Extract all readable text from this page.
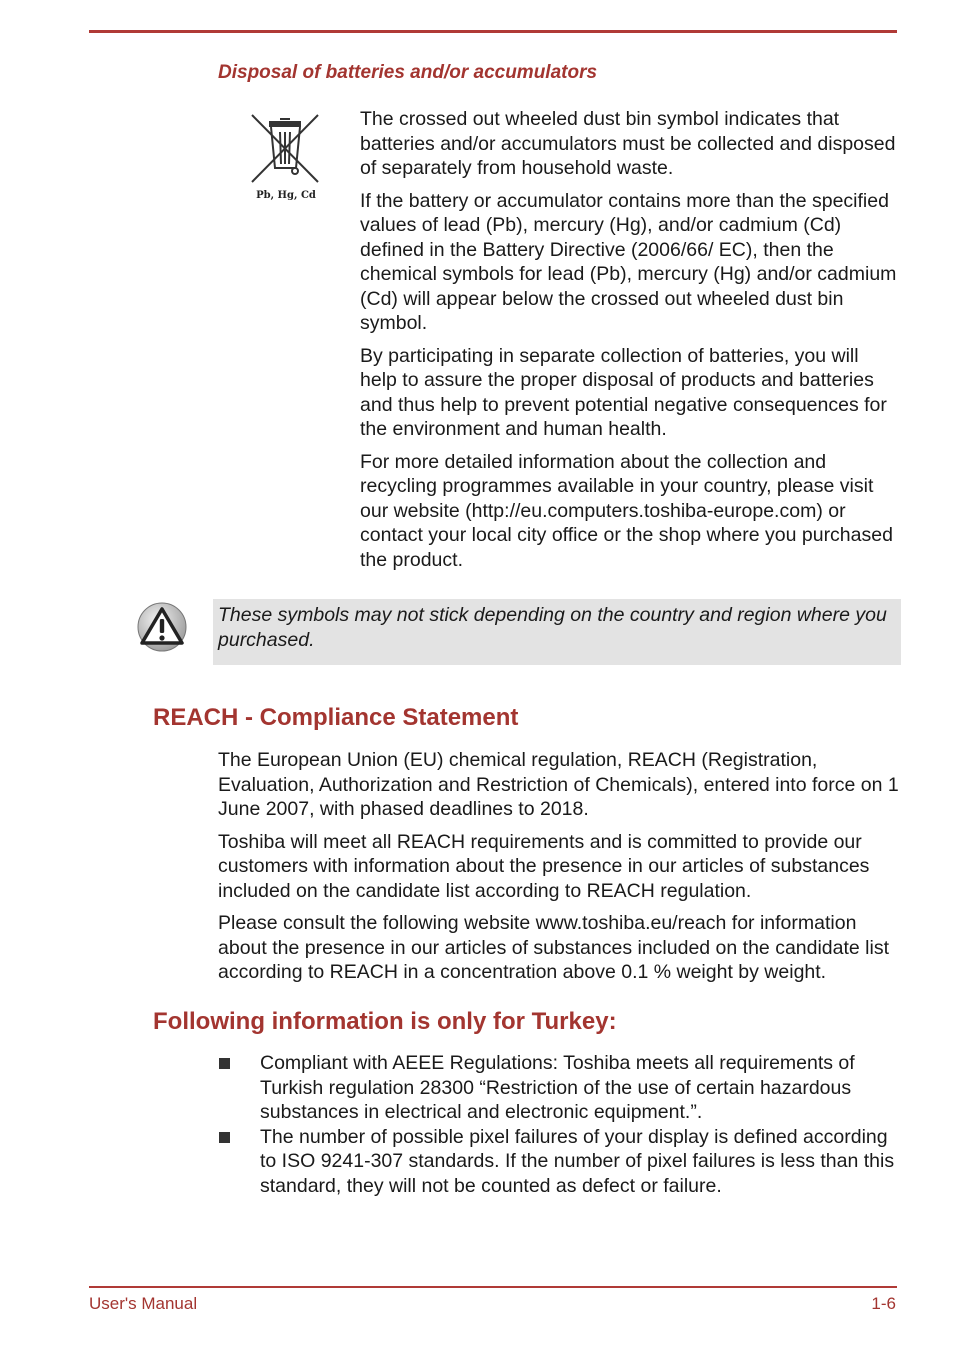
Disposal of batteries and/or accumulators
Pb, Hg, Cd

The crossed out wheeled dust bin symbol indicates that batteries and/or accumulators must be collected and disposed of separately from household waste.

If the battery or accumulator contains more than the specified values of lead (Pb), mercury (Hg), and/or cadmium (Cd) defined in the Battery Directive (2006/66/ EC), then the chemical symbols for lead (Pb), mercury (Hg) and/or cadmium (Cd) will appear below the crossed out wheeled dust bin symbol.

By participating in separate collection of batteries, you will help to assure the proper disposal of products and batteries and thus help to prevent potential negative consequences for the environment and human health.

For more detailed information about the collection and recycling programmes available in your country, please visit our website (http://eu.computers.toshiba-europe.com) or contact your local city office or the shop where you purchased the product.

These symbols may not stick depending on the country and region where you purchased.

REACH - Compliance Statement

The European Union (EU) chemical regulation, REACH (Registration, Evaluation, Authorization and Restriction of Chemicals), entered into force on 1 June 2007, with phased deadlines to 2018.

Toshiba will meet all REACH requirements and is committed to provide our customers with information about the presence in our articles of substances included on the candidate list according to REACH regulation.

Please consult the following website www.toshiba.eu/reach for information about the presence in our articles of substances included on the candidate list according to REACH in a concentration above 0.1 % weight by weight.

Following information is only for Turkey:
Compliant with AEEE Regulations: Toshiba meets all requirements of Turkish regulation 28300 “Restriction of the use of certain hazardous substances in electrical and electronic equipment.”.
The number of possible pixel failures of your display is defined according to ISO 9241-307 standards. If the number of pixel failures is less than this standard, they will not be counted as defect or failure.
User's Manual	1-6
